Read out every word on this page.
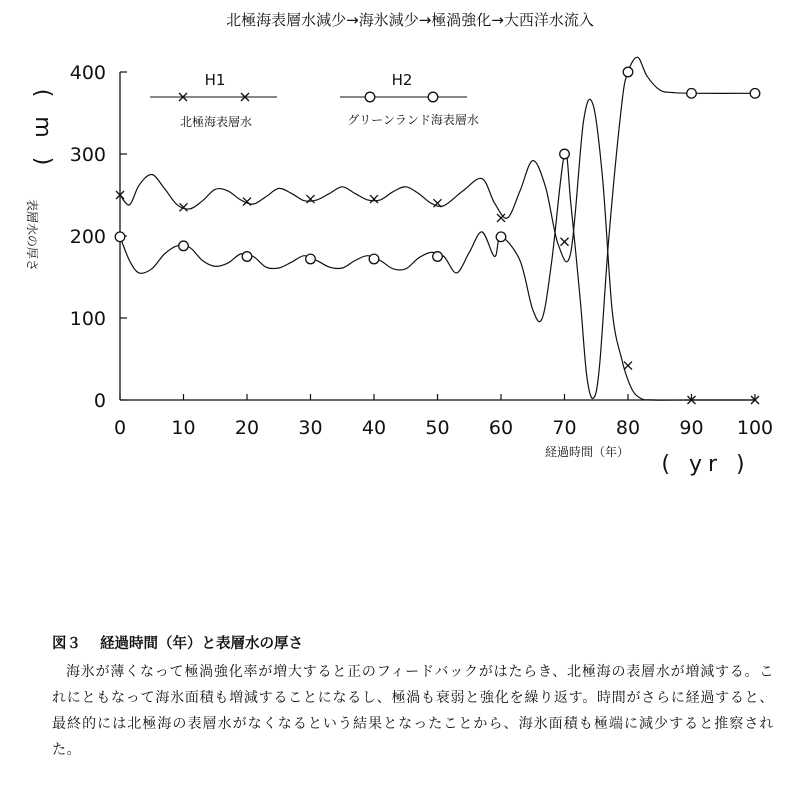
北極海表層水減少→海氷減少→極渦強化→大西洋水流入
0
100
200
300
400
0 10 20 30 40 50 60 70 80 90 100
( m )
表層水の厚さ
経過時間（年） ( yr )
H1
北極海表層水
H2
グリーンランド海表層水
図３ 経過時間（年）と表層水の厚さ
海氷が薄くなって極渦強化率が増大すると正のフィードバックがはたらき、北極海の表層水が増減する。これにともなって海氷面積も増減することになるし、極渦も衰弱と強化を繰り返す。時間がさらに経過すると、最終的には北極海の表層水がなくなるという結果となったことから、海氷面積も極端に減少すると推察された。
